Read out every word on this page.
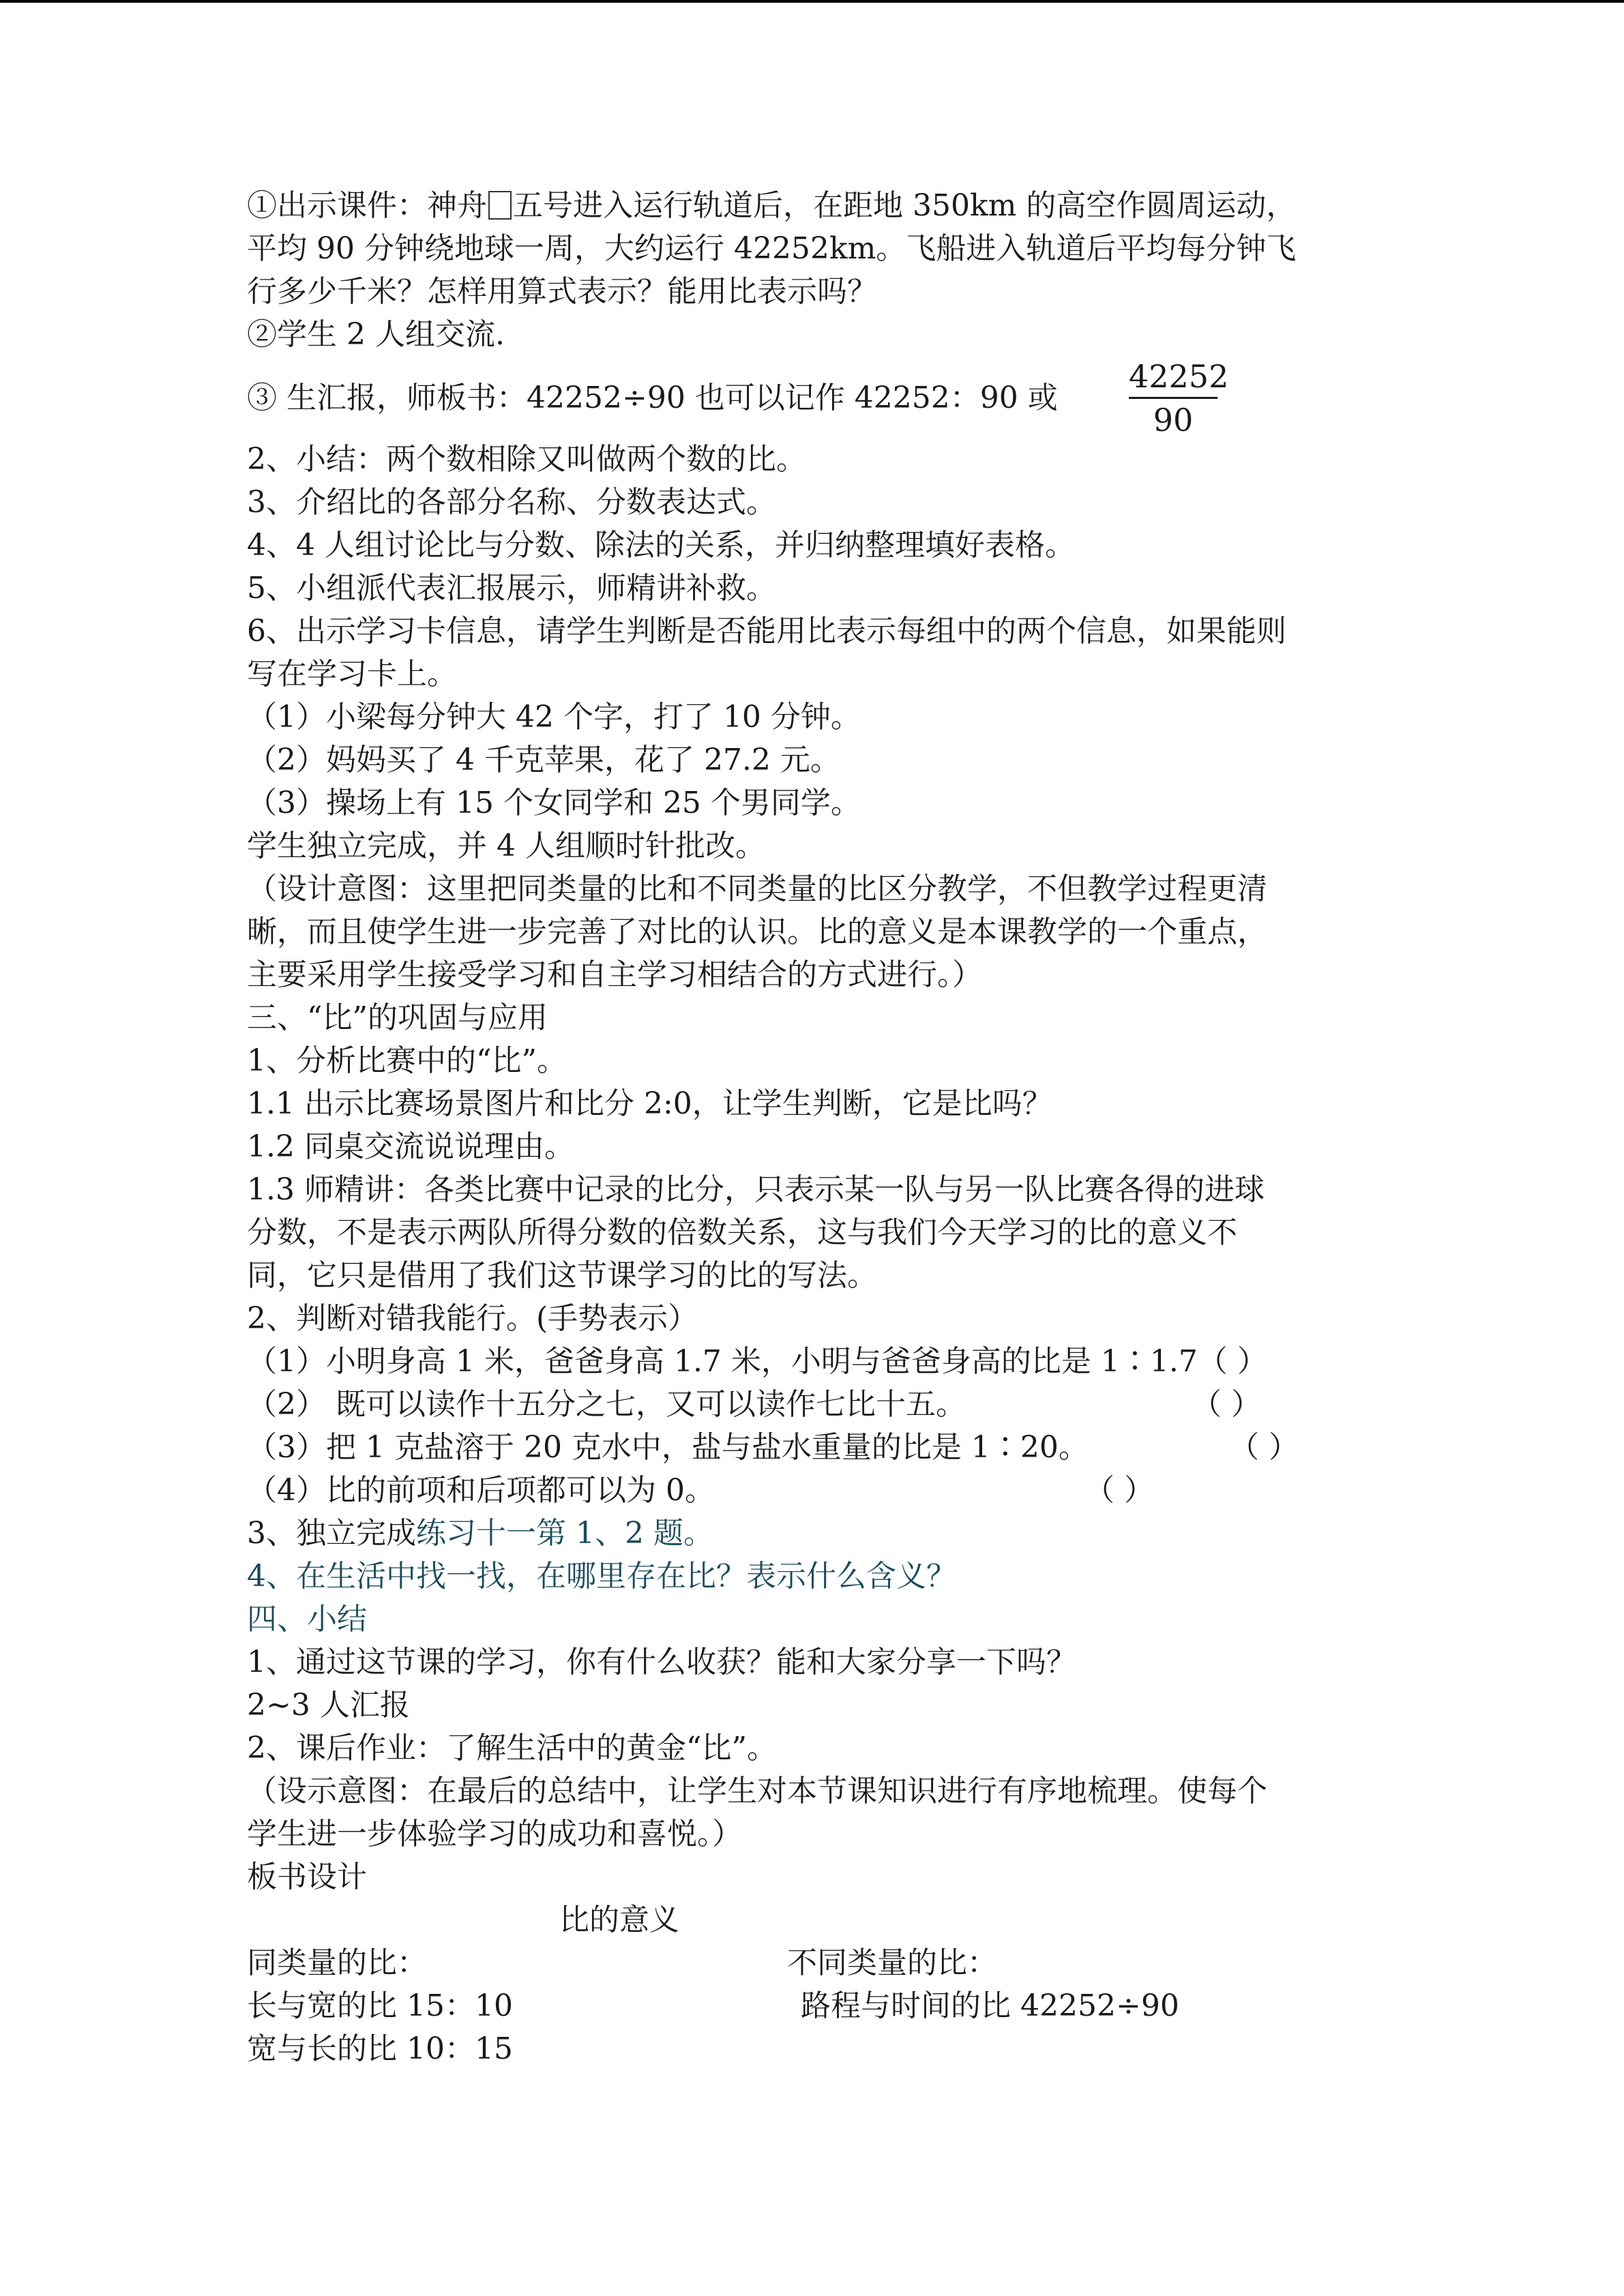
①出示课件：神舟 五号进入运行轨道后，在距地 350km 的高空作圆周运动，
平均 90 分钟绕地球一周，大约运行 42252km。飞船进入轨道后平均每分钟飞
行多少千米？怎样用算式表示？能用比表示吗？
②学生 2 人组交流.
③ 生汇报，师板书：42252÷90 也可以记作 42252：90 或 $\frac{42252}{90}$
2、小结：两个数相除又叫做两个数的比。
3、介绍比的各部分名称、分数表达式。
4、4 人组讨论比与分数、除法的关系，并归纳整理填好表格。
5、小组派代表汇报展示，师精讲补救。
6、出示学习卡信息，请学生判断是否能用比表示每组中的两个信息，如果能则
写在学习卡上。
（1）小梁每分钟大 42 个字，打了 10 分钟。
（2）妈妈买了 4 千克苹果，花了 27.2 元。
（3）操场上有 15 个女同学和 25 个男同学。
学生独立完成，并 4 人组顺时针批改。
（设计意图：这里把同类量的比和不同类量的比区分教学，不但教学过程更清
晰，而且使学生进一步完善了对比的认识。比的意义是本课教学的一个重点，
主要采用学生接受学习和自主学习相结合的方式进行。）
三、“比”的巩固与应用
1、分析比赛中的“比”。
1.1 出示比赛场景图片和比分 2:0，让学生判断，它是比吗？
1.2 同桌交流说说理由。
1.3 师精讲：各类比赛中记录的比分，只表示某一队与另一队比赛各得的进球
分数，不是表示两队所得分数的倍数关系，这与我们今天学习的比的意义不
同，它只是借用了我们这节课学习的比的写法。
2、判断对错我能行。(手势表示）
（1）小明身高 1 米，爸爸身高 1.7 米，小明与爸爸身高的比是 1∶1.7（ ）
（2） 既可以读作十五分之七，又可以读作七比十五。	（ ）
（3）把 1 克盐溶于 20 克水中，盐与盐水重量的比是 1∶20。	（ ）
（4）比的前项和后项都可以为 0。	（ ）
3、独立完成练习十一第 1、2 题。
4、在生活中找一找，在哪里存在比？表示什么含义？
四、小结
1、通过这节课的学习，你有什么收获？能和大家分享一下吗？
2~3 人汇报
2、课后作业：了解生活中的黄金“比”。
（设示意图：在最后的总结中，让学生对本节课知识进行有序地梳理。使每个
学生进一步体验学习的成功和喜悦。）
板书设计
比的意义
同类量的比：	不同类量的比：
长与宽的比 15：10	路程与时间的比 42252÷90
宽与长的比 10：15
